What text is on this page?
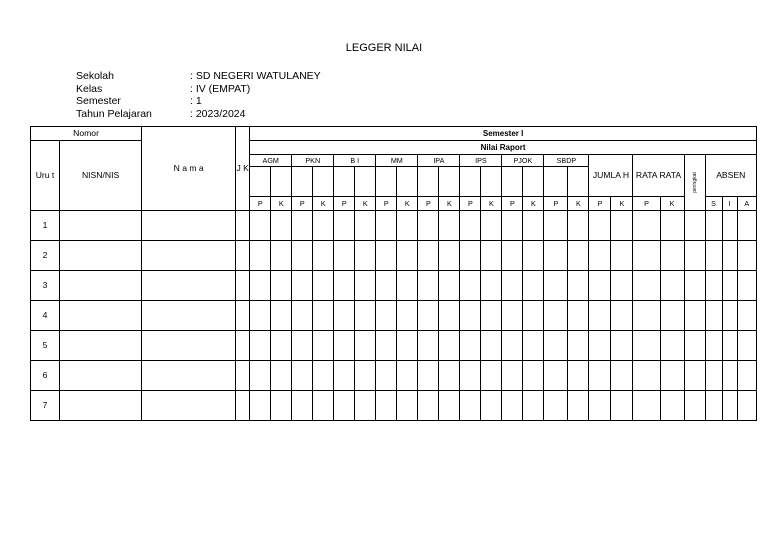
LEGGER NILAI
Sekolah	: SD NEGERI WATULANEY
Kelas	: IV (EMPAT)
Semester	: 1
Tahun Pelajaran	: 2023/2024
Nomor		N a m a	J K	Semester I																							
Uru t	NISN/NIS			Nilai Raport																							
				AGM		PKN		B I		MM		IPA		IPS		PJOK		SBDP		JUMLA H		RATA RATA		peringkat	ABSEN		

				P	K	P	K	P	K	P	K	P	K	P	K	P	K	P	K	P	K	P	K		S	I	A
1																											
2																											
3																											
4																											
5																											
6																											
7																											
